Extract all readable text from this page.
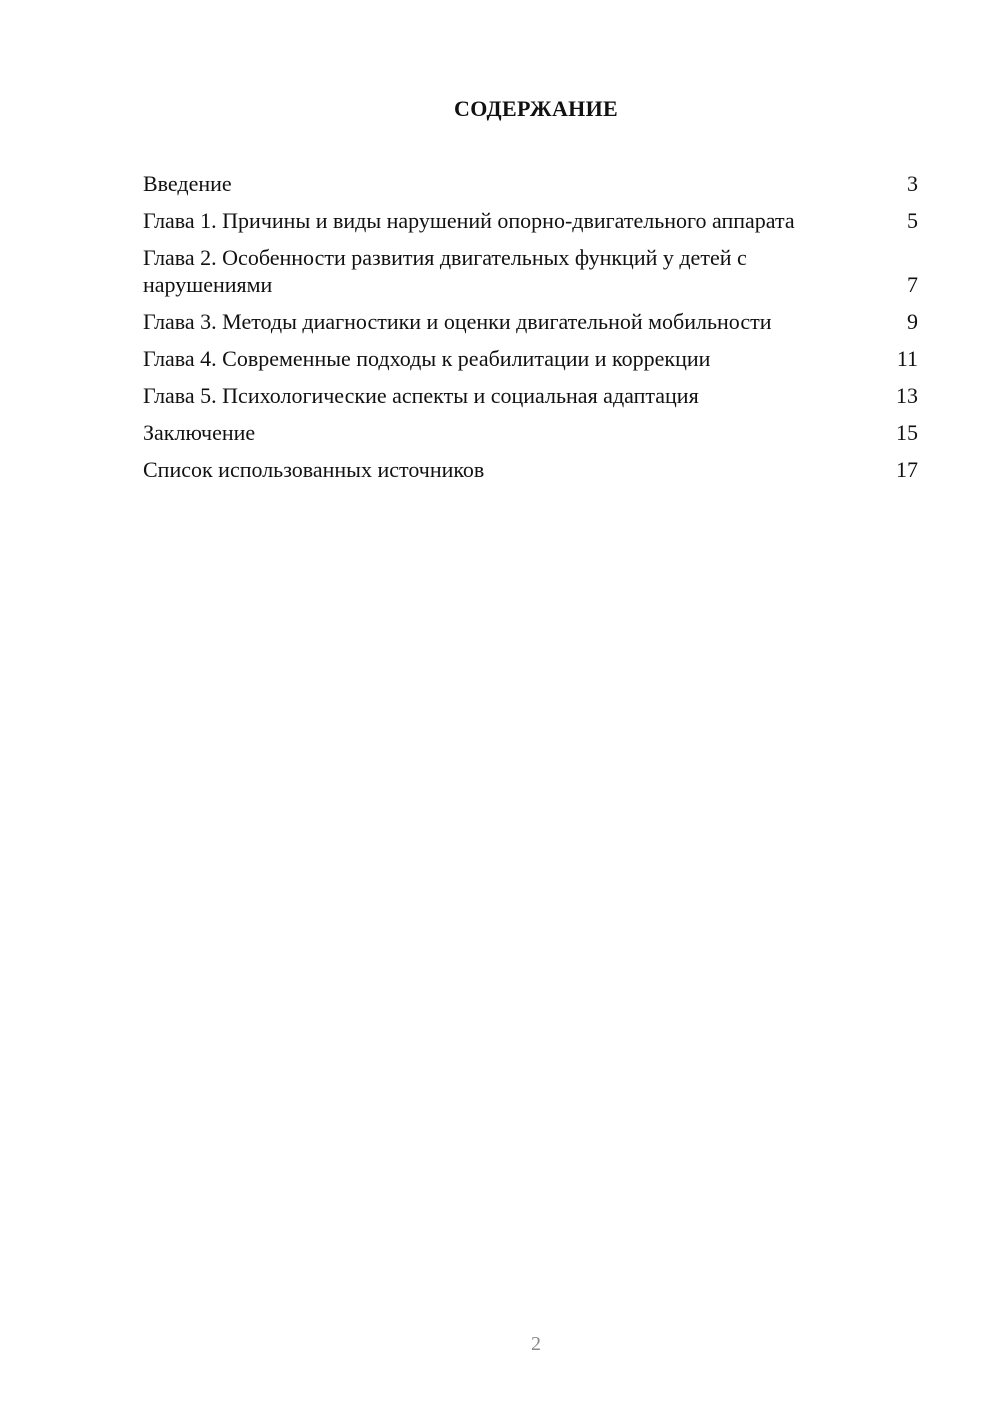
СОДЕРЖАНИЕ
Введение	3
Глава 1. Причины и виды нарушений опорно-двигательного аппарата	5
Глава 2. Особенности развития двигательных функций у детей с нарушениями	7
Глава 3. Методы диагностики и оценки двигательной мобильности	9
Глава 4. Современные подходы к реабилитации и коррекции	11
Глава 5. Психологические аспекты и социальная адаптация	13
Заключение	15
Список использованных источников	17
2
